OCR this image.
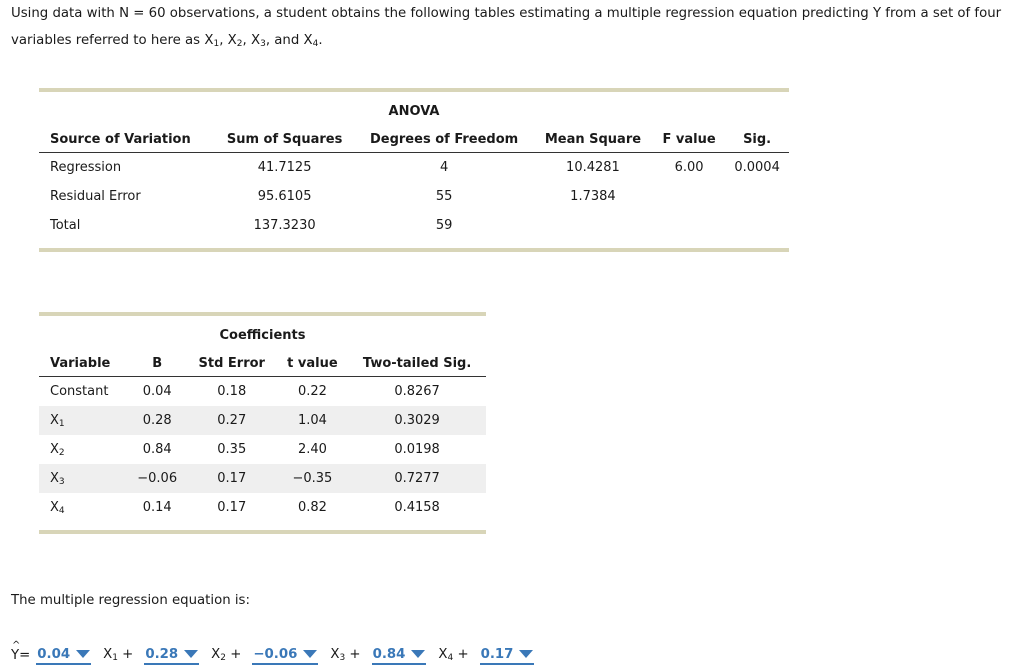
Using data with N = 60 observations, a student obtains the following tables estimating a multiple regression equation predicting Y from a set of four variables referred to here as $X_1$, $X_2$, $X_3$, and $X_4$.
ANOVA
Source of Variation	Sum of Squares	Degrees of Freedom	Mean Square	F value	Sig.
Regression	41.7125	4	10.4281	6.00	0.0004
Residual Error	95.6105	55	1.7384		
Total	137.3230	59			
Coefficients
Variable	B	Std Error	t value	Two-tailed Sig.
Constant	0.04	0.18	0.22	0.8267
$X_1$	0.28	0.27	1.04	0.3029
$X_2$	0.84	0.35	2.40	0.0198
$X_3$	−0.06	0.17	−0.35	0.7277
$X_4$	0.14	0.17	0.82	0.4158
The multiple regression equation is:
^
Y = 0.04 $X_1 + 0.28$ $X_2 + -0.06$ $X_3 + 0.84$ $X_4 + 0.17$
